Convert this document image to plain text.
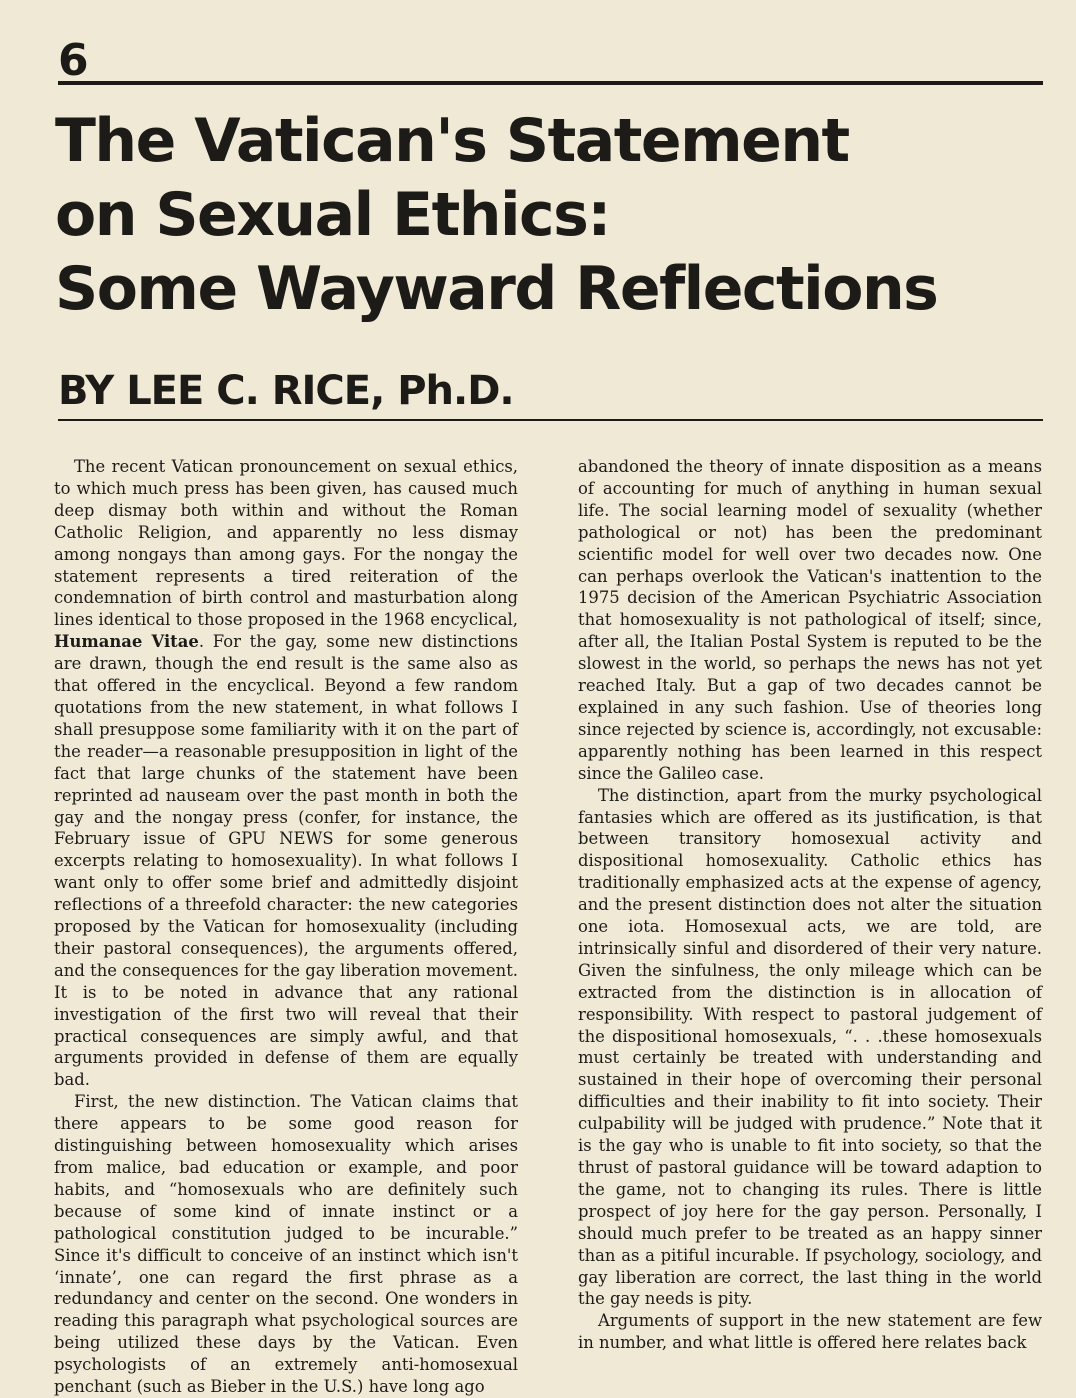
6
The Vatican's Statement
on Sexual Ethics:
Some Wayward Reflections
BY LEE C. RICE, Ph.D.

The recent Vatican pronouncement on sexual ethics, to which much press has been given, has caused much deep dismay both within and without the Roman Catholic Religion, and apparently no less dismay among nongays than among gays. For the nongay the statement represents a tired reiteration of the condemnation of birth control and masturbation along lines identical to those proposed in the 1968 encyclical, Humanae Vitae. For the gay, some new distinctions are drawn, though the end result is the same also as that offered in the encyclical. Beyond a few random quotations from the new statement, in what follows I shall presuppose some familiarity with it on the part of the reader—a reasonable presupposition in light of the fact that large chunks of the statement have been reprinted ad nauseam over the past month in both the gay and the nongay press (confer, for instance, the February issue of GPU NEWS for some generous excerpts relating to homosexuality). In what follows I want only to offer some brief and admittedly disjoint reflections of a threefold character: the new categories proposed by the Vatican for homosexuality (including their pastoral consequences), the arguments offered, and the consequences for the gay liberation movement. It is to be noted in advance that any rational investigation of the first two will reveal that their practical consequences are simply awful, and that arguments provided in defense of them are equally bad.

First, the new distinction. The Vatican claims that there appears to be some good reason for distinguishing between homosexuality which arises from malice, bad education or example, and poor habits, and “homosexuals who are definitely such because of some kind of innate instinct or a pathological constitution judged to be incurable.” Since it's difficult to conceive of an instinct which isn't ‘innate’, one can regard the first phrase as a redundancy and center on the second. One wonders in reading this paragraph what psychological sources are being utilized these days by the Vatican. Even psychologists of an extremely anti-homosexual penchant (such as Bieber in the U.S.) have long ago

abandoned the theory of innate disposition as a means of accounting for much of anything in human sexual life. The social learning model of sexuality (whether pathological or not) has been the predominant scientific model for well over two decades now. One can perhaps overlook the Vatican's inattention to the 1975 decision of the American Psychiatric Association that homosexuality is not pathological of itself; since, after all, the Italian Postal System is reputed to be the slowest in the world, so perhaps the news has not yet reached Italy. But a gap of two decades cannot be explained in any such fashion. Use of theories long since rejected by science is, accordingly, not excusable: apparently nothing has been learned in this respect since the Galileo case.

The distinction, apart from the murky psychological fantasies which are offered as its justification, is that between transitory homosexual activity and dispositional homosexuality. Catholic ethics has traditionally emphasized acts at the expense of agency, and the present distinction does not alter the situation one iota. Homosexual acts, we are told, are intrinsically sinful and disordered of their very nature. Given the sinfulness, the only mileage which can be extracted from the distinction is in allocation of responsibility. With respect to pastoral judgement of the dispositional homosexuals, “. . .these homosexuals must certainly be treated with understanding and sustained in their hope of overcoming their personal difficulties and their inability to fit into society. Their culpability will be judged with prudence.” Note that it is the gay who is unable to fit into society, so that the thrust of pastoral guidance will be toward adaption to the game, not to changing its rules. There is little prospect of joy here for the gay person. Personally, I should much prefer to be treated as an happy sinner than as a pitiful incurable. If psychology, sociology, and gay liberation are correct, the last thing in the world the gay needs is pity.

Arguments of support in the new statement are few in number, and what little is offered here relates back
